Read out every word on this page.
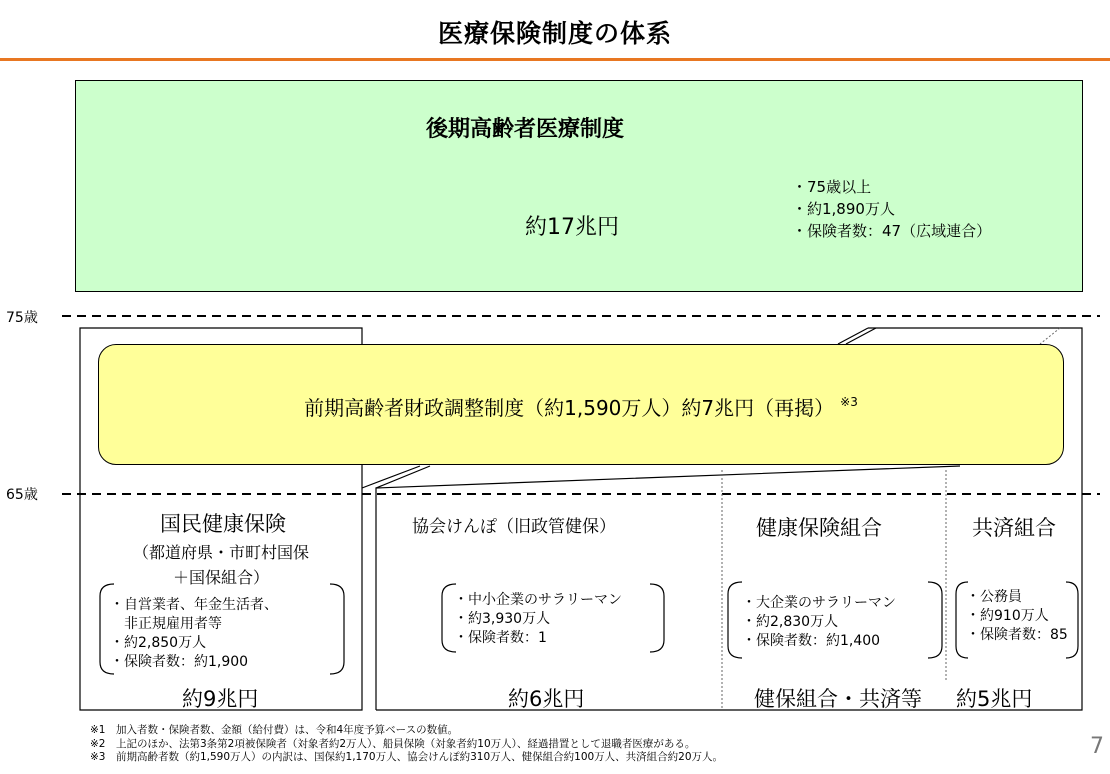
医療保険制度の体系
後期高齢者医療制度
約17兆円
・75歳以上
・約1,890万人
・保険者数：47（広域連合）
75歳
65歳
前期高齢者財政調整制度（約1,590万人）約7兆円（再掲） $^{※3}$
国民健康保険
（都道府県・市町村国保
＋国保組合）
・自営業者、年金生活者、
　非正規雇用者等
・約2,850万人
・保険者数：約1,900
約9兆円
協会けんぽ（旧政管健保）
・中小企業のサラリーマン
・約3,930万人
・保険者数：1
約6兆円
健康保険組合
・大企業のサラリーマン
・約2,830万人
・保険者数：約1,400
共済組合
・公務員
・約910万人
・保険者数：85
健保組合・共済等 約5兆円
※1　加入者数・保険者数、金額（給付費）は、令和4年度予算ベースの数値。
※2　上記のほか、法第3条第2項被保険者（対象者約2万人）、船員保険（対象者約10万人）、経過措置として退職者医療がある。
※3　前期高齢者数（約1,590万人）の内訳は、国保約1,170万人、協会けんぽ約310万人、健保組合約100万人、共済組合約20万人。	7
